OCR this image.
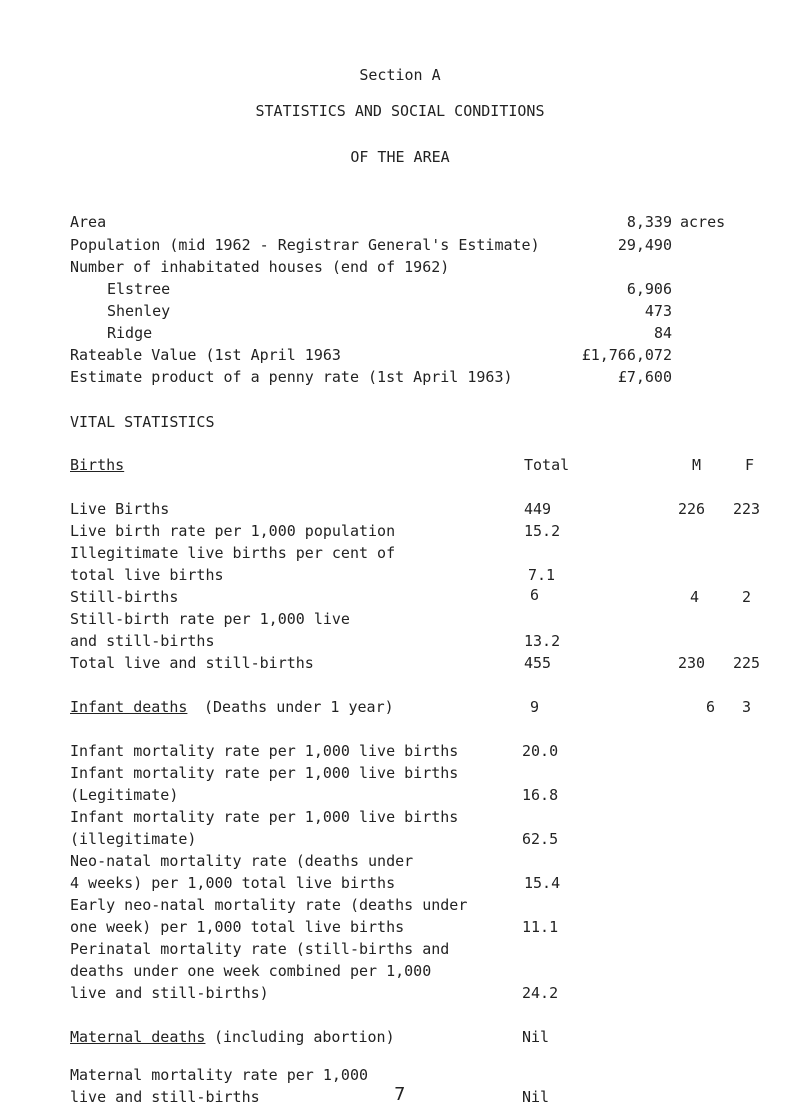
Section A
STATISTICS AND SOCIAL CONDITIONS
OF THE AREA
Area	8,339 acres
Population (mid 1962 - Registrar General's Estimate)	29,490
Number of inhabitated houses (end of 1962)
Elstree	6,906
Shenley	473
Ridge	84
Rateable Value (1st April 1963	£1,766,072
Estimate product of a penny rate (1st April 1963)	£7,600
VITAL STATISTICS
Births	Total	M	F
Live Births	449	226 223
Live birth rate per 1,000 population	15.2
Illegitimate live births per cent of
total live births	7.1
Still-births	6	4	2
Still-birth rate per 1,000 live
and still-births	13.2
Total live and still-births	455	230 225
Infant deaths (Deaths under 1 year)	9	6 3
Infant mortality rate per 1,000 live births	20.0
Infant mortality rate per 1,000 live births
(Legitimate)	16.8
Infant mortality rate per 1,000 live births
(illegitimate)	62.5
Neo-natal mortality rate (deaths under
4 weeks) per 1,000 total live births	15.4
Early neo-natal mortality rate (deaths under
one week) per 1,000 total live births	11.1
Perinatal mortality rate (still-births and
deaths under one week combined per 1,000
live and still-births)	24.2
Maternal deaths (including abortion)	Nil
Maternal mortality rate per 1,000
live and still-births	Nil
7
